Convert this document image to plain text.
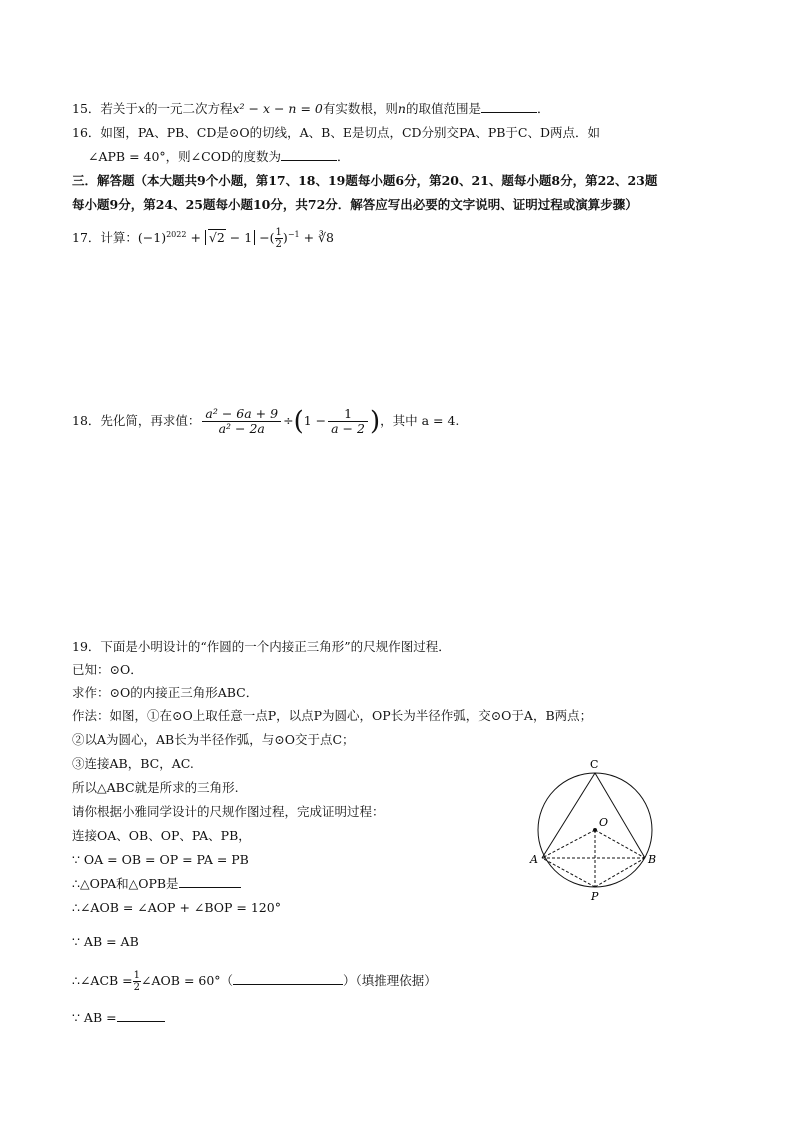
15．若关于x的一元二次方程x² − x − n = 0有实数根，则n的取值范围是	．
16．如图，PA、PB、CD是⊙O的切线，A、B、E是切点，CD分别交PA、PB于C、D两点．如
∠APB = 40°，则∠COD的度数为	．
三．解答题（本大题共9个小题，第17、18、19题每小题6分，第20、21、题每小题8分，第22、23题
每小题9分，第24、25题每小题10分，共72分．解答应写出必要的文字说明、证明过程或演算步骤）
17．计算：$(-1)^{2022} + √2 - 1$ −( $\frac{1}{2} )^{-1}$ + ∛8
18．先化简，再求值： $\frac{\text{a² − 6a + 9}}{\text{a² − 2a}} \div(1 - \frac{1}{a - 2}$ )，其中 a = 4.
19．下面是小明设计的“作圆的一个内接正三角形”的尺规作图过程．
已知：⊙O．
求作：⊙O的内接正三角形ABC．
作法：如图，①在⊙O上取任意一点P，以点P为圆心，OP长为半径作弧，交⊙O于A，B两点；
②以A为圆心，AB长为半径作弧，与⊙O交于点C；
③连接AB，BC，AC.
所以△ABC就是所求的三角形.
请你根据小雅同学设计的尺规作图过程，完成证明过程：
连接OA、OB、OP、PA、PB，
∵ OA = OB = OP = PA = PB
∴△OPA和△OPB是
∴∠AOB = ∠AOP + ∠BOP = 120°
∵ AB = AB
∴∠ACB = $\frac{1}{2}$ ∠AOB = 60°（	）（填推理依据）
∵ AB =
C
O
A	B
P
